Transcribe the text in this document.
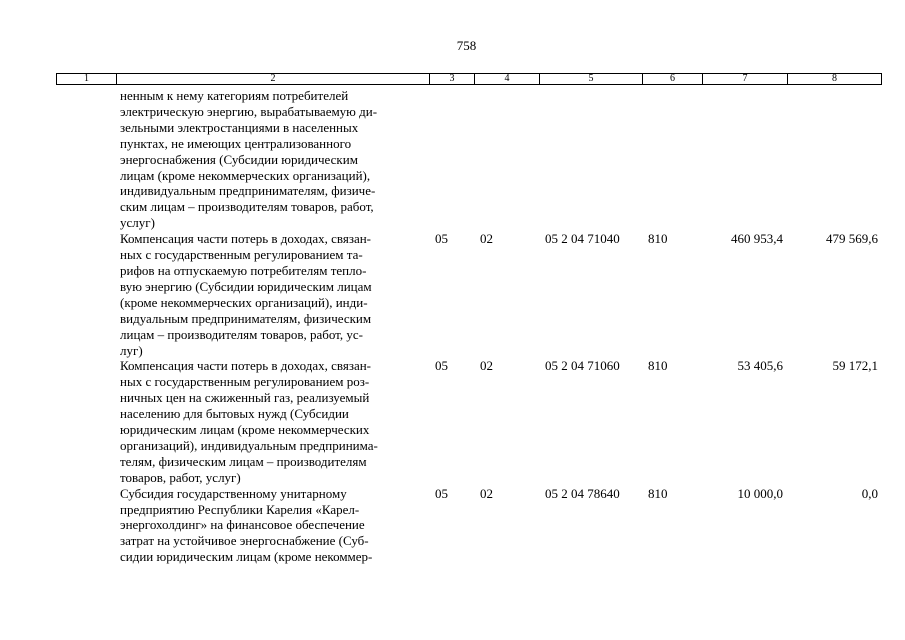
758
1	2	3	4	5	6	7	8
ненным к нему категориям потребителей
электрическую энергию, вырабатываемую ди-
зельными электростанциями в населенных
пунктах, не имеющих централизованного
энергоснабжения (Субсидии юридическим
лицам (кроме некоммерческих организаций),
индивидуальным предпринимателям, физиче-
ским лицам – производителям товаров, работ,
услуг)
Компенсация части потерь в доходах, связан-
ных с государственным регулированием та-
рифов на отпускаемую потребителям тепло-
вую энергию (Субсидии юридическим лицам
(кроме некоммерческих организаций), инди-
видуальным предпринимателям, физическим
лицам – производителям товаров, работ, ус-
луг)
05	02	05 2 04 71040	810	460 953,4	479 569,6
Компенсация части потерь в доходах, связан-
ных с государственным регулированием роз-
ничных цен на сжиженный газ, реализуемый
населению для бытовых нужд (Субсидии
юридическим лицам (кроме некоммерческих
организаций), индивидуальным предпринима-
телям, физическим лицам – производителям
товаров, работ, услуг)
05	02	05 2 04 71060	810	53 405,6	59 172,1
Субсидия государственному унитарному
предприятию Республики Карелия «Карел-
энергохолдинг» на финансовое обеспечение
затрат на устойчивое энергоснабжение (Суб-
сидии юридическим лицам (кроме некоммер-
05	02	05 2 04 78640	810	10 000,0	0,0
